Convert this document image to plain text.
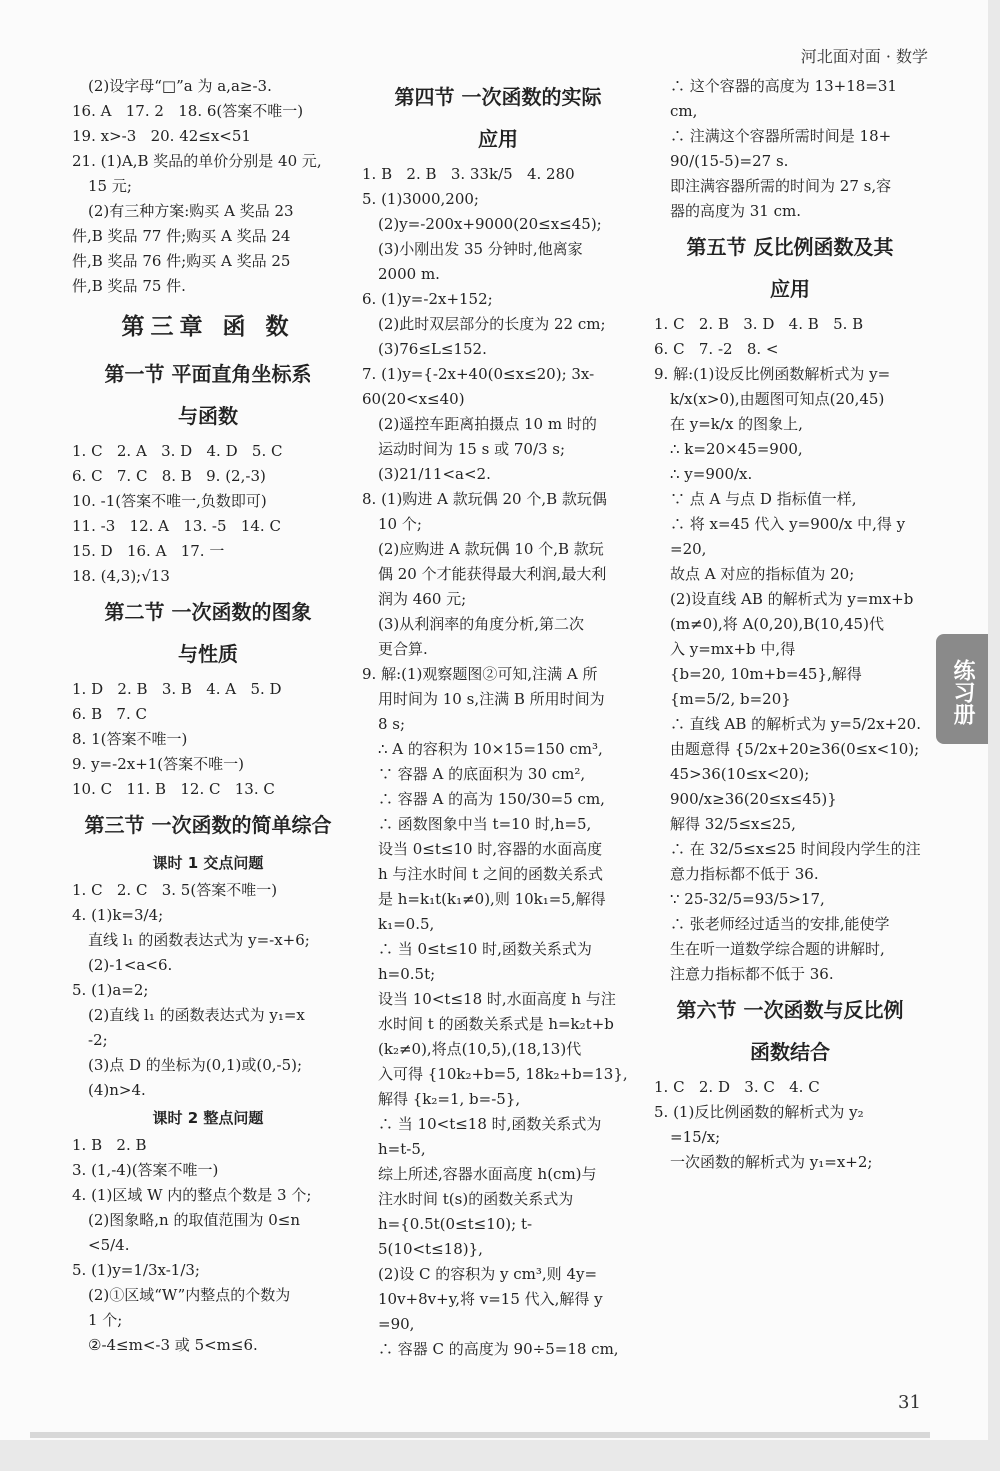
河北面对面 · 数学
(2)设字母“□”a 为 a,a≥-3.
16. A   17. 2   18. 6(答案不唯一)
19. x>-3   20. 42≤x<51
21. (1)A,B 奖品的单价分别是 40 元,
15 元;
(2)有三种方案:购买 A 奖品 23
件,B 奖品 77 件;购买 A 奖品 24
件,B 奖品 76 件;购买 A 奖品 25
件,B 奖品 75 件.
第三章 函 数
第一节 平面直角坐标系
与函数
1. C   2. A   3. D   4. D   5. C
6. C   7. C   8. B   9. (2,-3)
10. -1(答案不唯一,负数即可)
11. -3   12. A   13. -5   14. C
15. D   16. A   17. 一
18. (4,3);√13
第二节 一次函数的图象
与性质
1. D   2. B   3. B   4. A   5. D
6. B   7. C
8. 1(答案不唯一)
9. y=-2x+1(答案不唯一)
10. C   11. B   12. C   13. C
第三节 一次函数的简单综合
课时 1 交点问题
1. C   2. C   3. 5(答案不唯一)
4. (1)k=3/4;
直线 l₁ 的函数表达式为 y=-x+6;
(2)-1<a<6.
5. (1)a=2;
(2)直线 l₁ 的函数表达式为 y₁=x
-2;
(3)点 D 的坐标为(0,1)或(0,-5);
(4)n>4.
课时 2 整点问题
1. B   2. B
3. (1,-4)(答案不唯一)
4. (1)区域 W 内的整点个数是 3 个;
(2)图象略,n 的取值范围为 0≤n
<5/4.
5. (1)y=1/3x-1/3;
(2)①区域“W”内整点的个数为
1 个;
②-4≤m<-3 或 5<m≤6.
第四节 一次函数的实际
应用
1. B   2. B   3. 33k/5   4. 280
5. (1)3000,200;
(2)y=-200x+9000(20≤x≤45);
(3)小刚出发 35 分钟时,他离家
2000 m.
6. (1)y=-2x+152;
(2)此时双层部分的长度为 22 cm;
(3)76≤L≤152.
7. (1)y={-2x+40(0≤x≤20); 3x-60(20<x≤40)
(2)遥控车距离拍摄点 10 m 时的
运动时间为 15 s 或 70/3 s;
(3)21/11<a<2.
8. (1)购进 A 款玩偶 20 个,B 款玩偶
10 个;
(2)应购进 A 款玩偶 10 个,B 款玩
偶 20 个才能获得最大利润,最大利
润为 460 元;
(3)从利润率的角度分析,第二次
更合算.
9. 解:(1)观察题图②可知,注满 A 所
用时间为 10 s,注满 B 所用时间为
8 s;
∴ A 的容积为 10×15=150 cm³,
∵ 容器 A 的底面积为 30 cm²,
∴ 容器 A 的高为 150/30=5 cm,
∴ 函数图象中当 t=10 时,h=5,
设当 0≤t≤10 时,容器的水面高度
h 与注水时间 t 之间的函数关系式
是 h=k₁t(k₁≠0),则 10k₁=5,解得
k₁=0.5,
∴ 当 0≤t≤10 时,函数关系式为
h=0.5t;
设当 10<t≤18 时,水面高度 h 与注
水时间 t 的函数关系式是 h=k₂t+b
(k₂≠0),将点(10,5),(18,13)代
入可得 {10k₂+b=5, 18k₂+b=13},解得 {k₂=1, b=-5},
∴ 当 10<t≤18 时,函数关系式为
h=t-5,
综上所述,容器水面高度 h(cm)与
注水时间 t(s)的函数关系式为
h={0.5t(0≤t≤10); t-5(10<t≤18)},
(2)设 C 的容积为 y cm³,则 4y=
10v+8v+y,将 v=15 代入,解得 y
=90,
∴ 容器 C 的高度为 90÷5=18 cm,
∴ 这个容器的高度为 13+18=31 cm,
∴ 注满这个容器所需时间是 18+
90/(15-5)=27 s.
即注满容器所需的时间为 27 s,容
器的高度为 31 cm.
第五节 反比例函数及其
应用
1. C   2. B   3. D   4. B   5. B
6. C   7. -2   8. <
9. 解:(1)设反比例函数解析式为 y=
k/x(x>0),由题图可知点(20,45)
在 y=k/x 的图象上,
∴ k=20×45=900,
∴ y=900/x.
∵ 点 A 与点 D 指标值一样,
∴ 将 x=45 代入 y=900/x 中,得 y
=20,
故点 A 对应的指标值为 20;
(2)设直线 AB 的解析式为 y=mx+b
(m≠0),将 A(0,20),B(10,45)代
入 y=mx+b 中,得
{b=20, 10m+b=45},解得 {m=5/2, b=20}
∴ 直线 AB 的解析式为 y=5/2x+20.
由题意得 {5/2x+20≥36(0≤x<10); 45>36(10≤x<20); 900/x≥36(20≤x≤45)}
解得 32/5≤x≤25,
∴ 在 32/5≤x≤25 时间段内学生的注
意力指标都不低于 36.
∵ 25-32/5=93/5>17,
∴ 张老师经过适当的安排,能使学
生在听一道数学综合题的讲解时,
注意力指标都不低于 36.
第六节 一次函数与反比例
函数结合
1. C   2. D   3. C   4. C
5. (1)反比例函数的解析式为 y₂
=15/x;
一次函数的解析式为 y₁=x+2;
练习册
31
